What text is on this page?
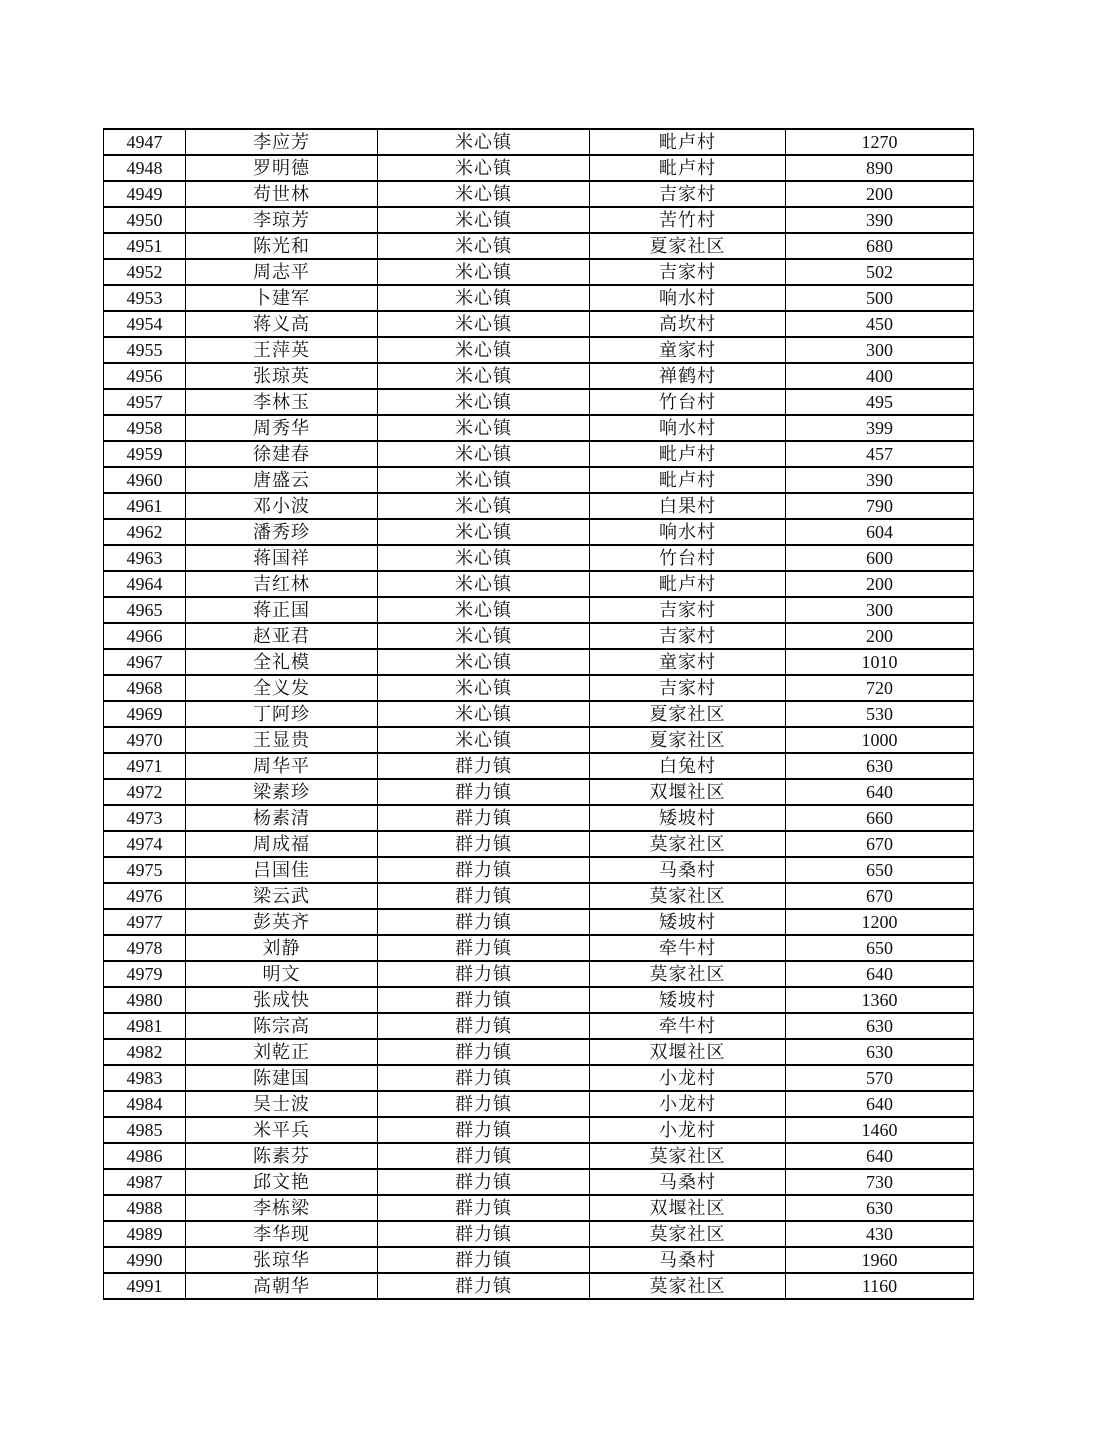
4947	李应芳	米心镇	毗卢村	1270
4948	罗明德	米心镇	毗卢村	890
4949	苟世林	米心镇	吉家村	200
4950	李琼芳	米心镇	苦竹村	390
4951	陈光和	米心镇	夏家社区	680
4952	周志平	米心镇	吉家村	502
4953	卜建军	米心镇	响水村	500
4954	蒋义高	米心镇	高坎村	450
4955	王萍英	米心镇	童家村	300
4956	张琼英	米心镇	禅鹤村	400
4957	李林玉	米心镇	竹台村	495
4958	周秀华	米心镇	响水村	399
4959	徐建春	米心镇	毗卢村	457
4960	唐盛云	米心镇	毗卢村	390
4961	邓小波	米心镇	白果村	790
4962	潘秀珍	米心镇	响水村	604
4963	蒋国祥	米心镇	竹台村	600
4964	吉红林	米心镇	毗卢村	200
4965	蒋正国	米心镇	吉家村	300
4966	赵亚君	米心镇	吉家村	200
4967	全礼模	米心镇	童家村	1010
4968	全义发	米心镇	吉家村	720
4969	丁阿珍	米心镇	夏家社区	530
4970	王显贵	米心镇	夏家社区	1000
4971	周华平	群力镇	白兔村	630
4972	梁素珍	群力镇	双堰社区	640
4973	杨素清	群力镇	矮坡村	660
4974	周成福	群力镇	莫家社区	670
4975	吕国佳	群力镇	马桑村	650
4976	梁云武	群力镇	莫家社区	670
4977	彭英齐	群力镇	矮坡村	1200
4978	刘静	群力镇	牵牛村	650
4979	明文	群力镇	莫家社区	640
4980	张成快	群力镇	矮坡村	1360
4981	陈宗高	群力镇	牵牛村	630
4982	刘乾正	群力镇	双堰社区	630
4983	陈建国	群力镇	小龙村	570
4984	吴士波	群力镇	小龙村	640
4985	米平兵	群力镇	小龙村	1460
4986	陈素芬	群力镇	莫家社区	640
4987	邱文艳	群力镇	马桑村	730
4988	李栋梁	群力镇	双堰社区	630
4989	李华现	群力镇	莫家社区	430
4990	张琼华	群力镇	马桑村	1960
4991	高朝华	群力镇	莫家社区	1160
